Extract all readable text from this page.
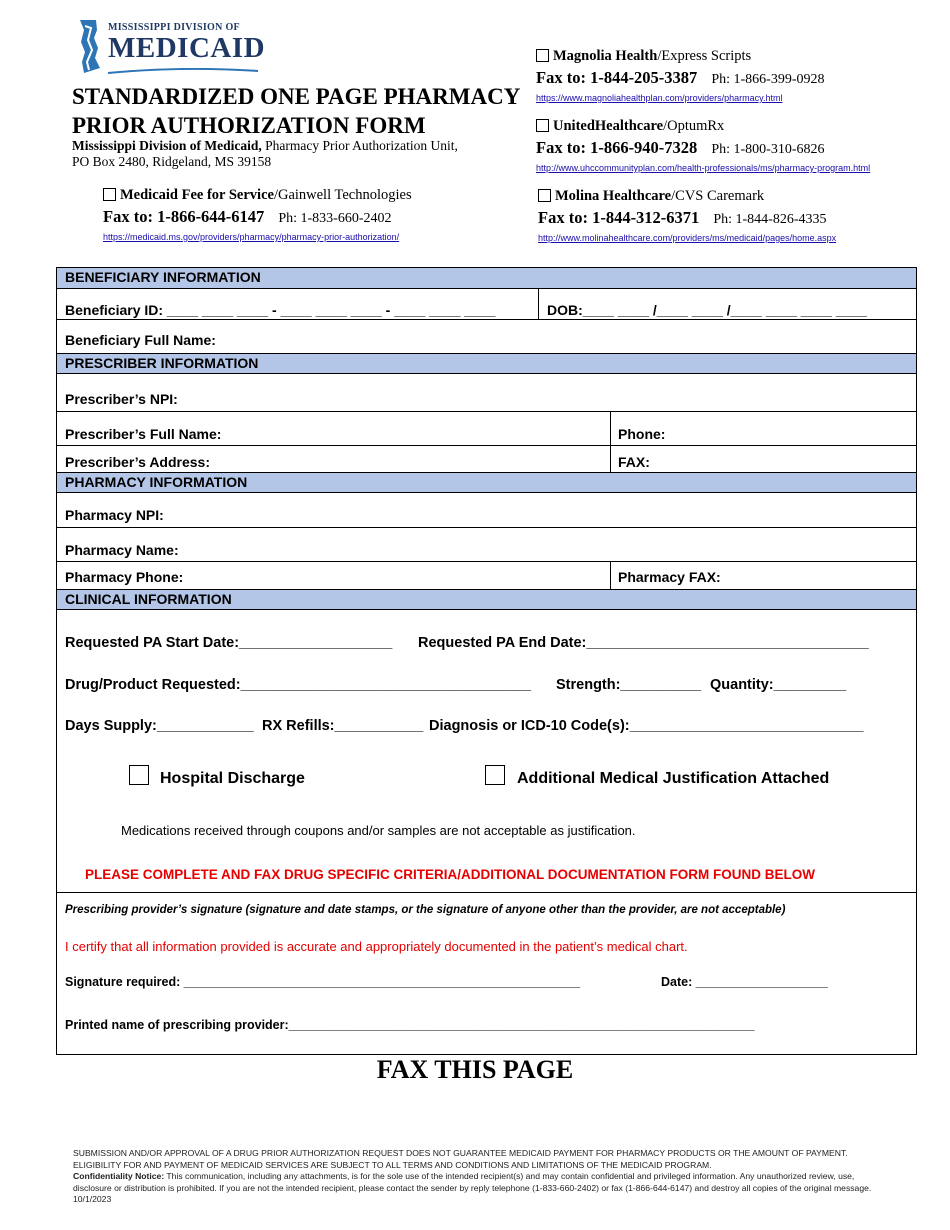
MISSISSIPPI DIVISION OF
MEDICAID
STANDARDIZED ONE PAGE PHARMACY
PRIOR AUTHORIZATION FORM
Mississippi Division of Medicaid, Pharmacy Prior Authorization Unit,
PO Box 2480, Ridgeland, MS 39158
Medicaid Fee for Service/Gainwell Technologies
Fax to: 1-866-644-6147 Ph: 1-833-660-2402
https://medicaid.ms.gov/providers/pharmacy/pharmacy-prior-authorization/
Magnolia Health/Express Scripts
Fax to: 1-844-205-3387 Ph: 1-866-399-0928
https://www.magnoliahealthplan.com/providers/pharmacy.html
UnitedHealthcare/OptumRx
Fax to: 1-866-940-7328 Ph: 1-800-310-6826
http://www.uhccommunityplan.com/health-professionals/ms/pharmacy-program.html
Molina Healthcare/CVS Caremark
Fax to: 1-844-312-6371 Ph: 1-844-826-4335
http://www.molinahealthcare.com/providers/ms/medicaid/pages/home.aspx
BENEFICIARY INFORMATION
Beneficiary ID: ____ ____ ____ - ____ ____ ____ - ____ ____ ____	DOB:____ ____ /____ ____ /____ ____ ____ ____
Beneficiary Full Name:
PRESCRIBER INFORMATION
Prescriber’s NPI:
Prescriber’s Full Name:	Phone:
Prescriber’s Address:	FAX:
PHARMACY INFORMATION
Pharmacy NPI:
Pharmacy Name:
Pharmacy Phone:	Pharmacy FAX:
CLINICAL INFORMATION
Requested PA Start Date:___________________ Requested PA End Date:___________________________________
Drug/Product Requested:____________________________________ Strength:__________ Quantity:_________
Days Supply:____________ RX Refills:___________ Diagnosis or ICD-10 Code(s):_____________________________
Hospital Discharge	Additional Medical Justification Attached
Medications received through coupons and/or samples are not acceptable as justification.
PLEASE COMPLETE AND FAX DRUG SPECIFIC CRITERIA/ADDITIONAL DOCUMENTATION FORM FOUND BELOW
Prescribing provider’s signature (signature and date stamps, or the signature of anyone other than the provider, are not acceptable)
I certify that all information provided is accurate and appropriately documented in the patient’s medical chart.
Signature required: _________________________________________________________	Date: ___________________
Printed name of prescribing provider:___________________________________________________________________
FAX THIS PAGE
SUBMISSION AND/OR APPROVAL OF A DRUG PRIOR AUTHORIZATION REQUEST DOES NOT GUARANTEE MEDICAID PAYMENT FOR PHARMACY PRODUCTS OR THE AMOUNT OF PAYMENT. ELIGIBILITY FOR AND PAYMENT OF MEDICAID SERVICES ARE SUBJECT TO ALL TERMS AND CONDITIONS AND LIMITATIONS OF THE MEDICAID PROGRAM.
Confidentiality Notice: This communication, including any attachments, is for the sole use of the intended recipient(s) and may contain confidential and privileged information. Any unauthorized review, use, disclosure or distribution is prohibited. If you are not the intended recipient, please contact the sender by reply telephone (1-833-660-2402) or fax (1-866-644-6147) and destroy all copies of the original message. 10/1/2023
